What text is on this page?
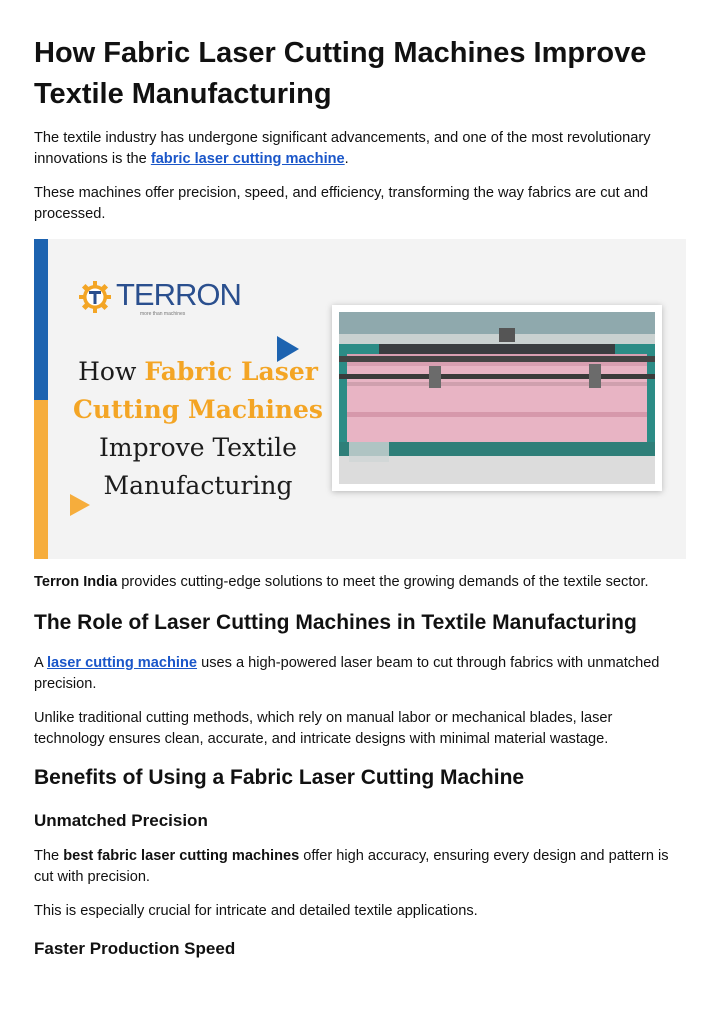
How Fabric Laser Cutting Machines Improve Textile Manufacturing

The textile industry has undergone significant advancements, and one of the most revolutionary innovations is the fabric laser cutting machine.

These machines offer precision, speed, and efficiency, transforming the way fabrics are cut and processed.

TERRON
more than machines
How Fabric Laser
Cutting Machines
Improve Textile
Manufacturing

Terron India provides cutting-edge solutions to meet the growing demands of the textile sector.

The Role of Laser Cutting Machines in Textile Manufacturing

A laser cutting machine uses a high-powered laser beam to cut through fabrics with unmatched precision.

Unlike traditional cutting methods, which rely on manual labor or mechanical blades, laser technology ensures clean, accurate, and intricate designs with minimal material wastage.

Benefits of Using a Fabric Laser Cutting Machine
Unmatched Precision

The best fabric laser cutting machines offer high accuracy, ensuring every design and pattern is cut with precision.

This is especially crucial for intricate and detailed textile applications.

Faster Production Speed
